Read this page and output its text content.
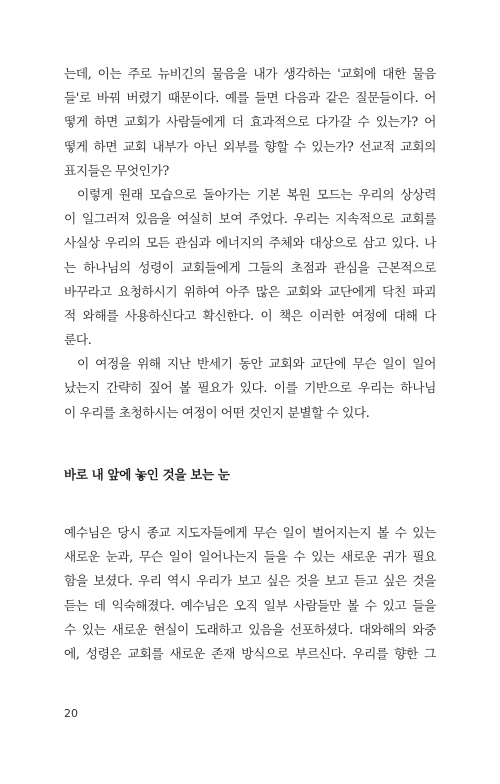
는데, 이는 주로 뉴비긴의 물음을 내가 생각하는 '교회에 대한 물음
들'로 바꿔 버렸기 때문이다. 예를 들면 다음과 같은 질문들이다. 어
떻게 하면 교회가 사람들에게 더 효과적으로 다가갈 수 있는가? 어
떻게 하면 교회 내부가 아닌 외부를 향할 수 있는가? 선교적 교회의
표지들은 무엇인가?
이렇게 원래 모습으로 돌아가는 기본 복원 모드는 우리의 상상력
이 일그러져 있음을 여실히 보여 주었다. 우리는 지속적으로 교회를
사실상 우리의 모든 관심과 에너지의 주체와 대상으로 삼고 있다. 나
는 하나님의 성령이 교회들에게 그들의 초점과 관심을 근본적으로
바꾸라고 요청하시기 위하여 아주 많은 교회와 교단에게 닥친 파괴
적 와해를 사용하신다고 확신한다. 이 책은 이러한 여정에 대해 다
룬다.
이 여정을 위해 지난 반세기 동안 교회와 교단에 무슨 일이 일어
났는지 간략히 짚어 볼 필요가 있다. 이를 기반으로 우리는 하나님
이 우리를 초청하시는 여정이 어떤 것인지 분별할 수 있다.
바로 내 앞에 놓인 것을 보는 눈
예수님은 당시 종교 지도자들에게 무슨 일이 벌어지는지 볼 수 있는
새로운 눈과, 무슨 일이 일어나는지 들을 수 있는 새로운 귀가 필요
함을 보셨다. 우리 역시 우리가 보고 싶은 것을 보고 듣고 싶은 것을
듣는 데 익숙해졌다. 예수님은 오직 일부 사람들만 볼 수 있고 들을
수 있는 새로운 현실이 도래하고 있음을 선포하셨다. 대와해의 와중
에, 성령은 교회를 새로운 존재 방식으로 부르신다. 우리를 향한 그
20
